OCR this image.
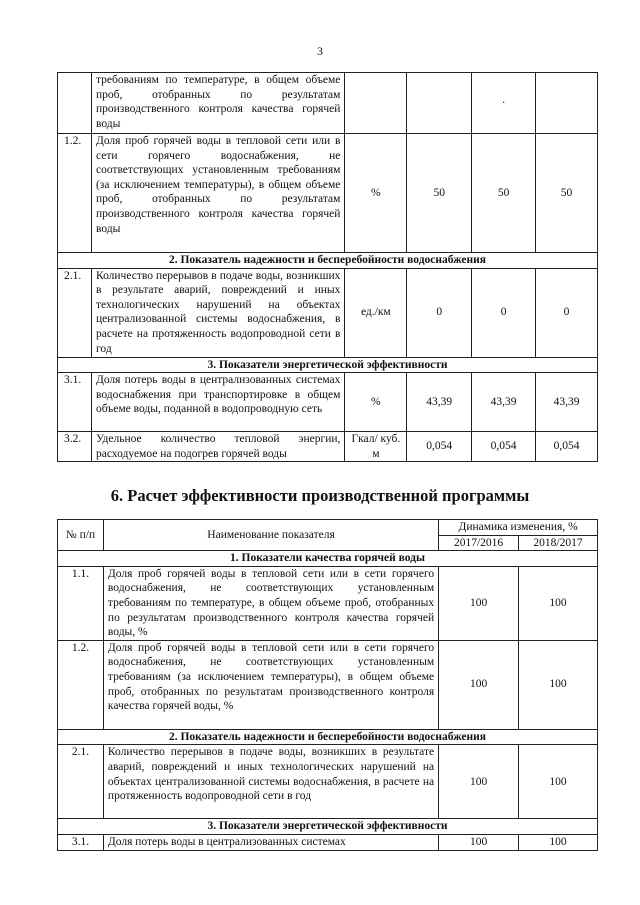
3
	требованиям по температуре, в общем объеме проб, отобранных по результатам производственного контроля качества горячей воды			·	
1.2.	Доля проб горячей воды в тепловой сети или в сети горячего водоснабжения, не соответствующих установленным требованиям (за исключением температуры), в общем объеме проб, отобранных по результатам производственного контроля качества горячей воды	%	50	50	50
2. Показатель надежности и бесперебойности водоснабжения					
2.1.	Количество перерывов в подаче воды, возникших в результате аварий, повреждений и иных технологических нарушений на объектах централизованной системы водоснабжения, в расчете на протяженность водопроводной сети в год	ед./км	0	0	0
3. Показатели энергетической эффективности					
3.1.	Доля потерь воды в централизованных системах водоснабжения при транспортировке в общем объеме воды, поданной в водопроводную сеть	%	43,39	43,39	43,39
3.2.	Удельное количество тепловой энергии, расходуемое на подогрев горячей воды	Гкал/ куб. м	0,054	0,054	0,054
6. Расчет эффективности производственной программы
№ п/п	Наименование показателя	Динамика изменения, %	
		2017/2016	2018/2017
1. Показатели качества горячей воды			
1.1.	Доля проб горячей воды в тепловой сети или в сети горячего водоснабжения, не соответствующих установленным требованиям по температуре, в общем объеме проб, отобранных по результатам производственного контроля качества горячей воды, %	100	100
1.2.	Доля проб горячей воды в тепловой сети или в сети горячего водоснабжения, не соответствующих установленным требованиям (за исключением температуры), в общем объеме проб, отобранных по результатам производственного контроля качества горячей воды, %	100	100
2. Показатель надежности и бесперебойности водоснабжения			
2.1.	Количество перерывов в подаче воды, возникших в результате аварий, повреждений и иных технологических нарушений на объектах централизованной системы водоснабжения, в расчете на протяженность водопроводной сети в год	100	100
3. Показатели энергетической эффективности			
3.1.	Доля потерь воды в централизованных системах	100	100
